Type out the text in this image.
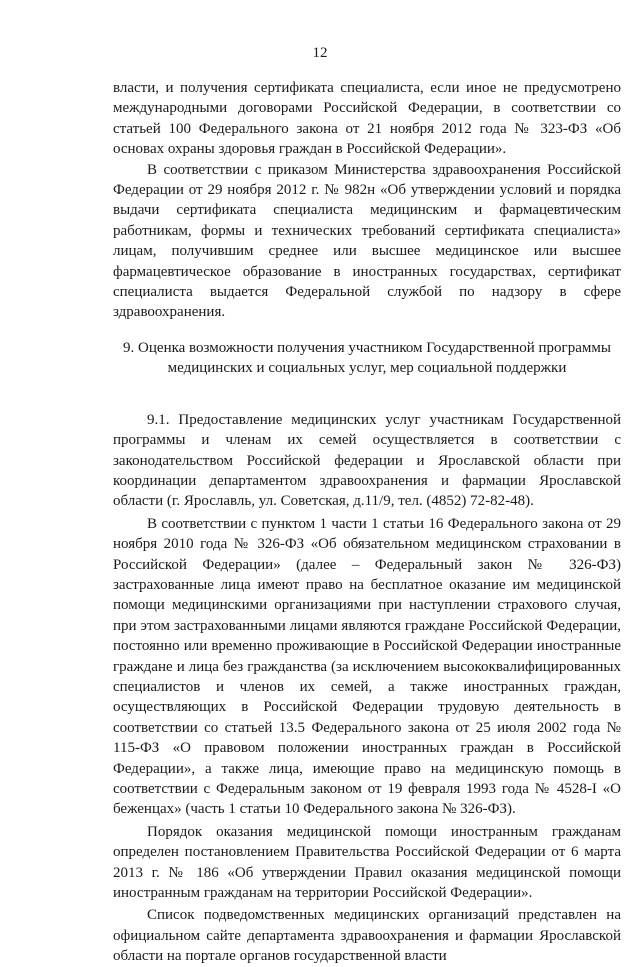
12

власти, и получения сертификата специалиста, если иное не предусмотрено международными договорами Российской Федерации, в соответствии со статьей 100 Федерального закона от 21 ноября 2012 года № 323-ФЗ «Об основах охраны здоровья граждан в Российской Федерации».

В соответствии с приказом Министерства здравоохранения Российской Федерации от 29 ноября 2012 г. № 982н «Об утверждении условий и порядка выдачи сертификата специалиста медицинским и фармацевтическим работникам, формы и технических требований сертификата специалиста» лицам, получившим среднее или высшее медицинское или высшее фармацевтическое образование в иностранных государствах, сертификат специалиста выдается Федеральной службой по надзору в сфере здравоохранения.

9. Оценка возможности получения участником Государственной программы медицинских и социальных услуг, мер социальной поддержки

9.1. Предоставление медицинских услуг участникам Государственной программы и членам их семей осуществляется в соответствии с законодательством Российской федерации и Ярославской области при координации департаментом здравоохранения и фармации Ярославской области (г. Ярославль, ул. Советская, д.11/9, тел. (4852) 72-82-48).

В соответствии с пунктом 1 части 1 статьи 16 Федерального закона от 29 ноября 2010 года № 326-ФЗ «Об обязательном медицинском страховании в Российской Федерации» (далее – Федеральный закон № 326-ФЗ) застрахованные лица имеют право на бесплатное оказание им медицинской помощи медицинскими организациями при наступлении страхового случая, при этом застрахованными лицами являются граждане Российской Федерации, постоянно или временно проживающие в Российской Федерации иностранные граждане и лица без гражданства (за исключением высококвалифицированных специалистов и членов их семей, а также иностранных граждан, осуществляющих в Российской Федерации трудовую деятельность в соответствии со статьей 13.5 Федерального закона от 25 июля 2002 года № 115-ФЗ «О правовом положении иностранных граждан в Российской Федерации», а также лица, имеющие право на медицинскую помощь в соответствии с Федеральным законом от 19 февраля 1993 года № 4528-I «О беженцах» (часть 1 статьи 10 Федерального закона № 326-ФЗ).

Порядок оказания медицинской помощи иностранным гражданам определен постановлением Правительства Российской Федерации от 6 марта 2013 г. № 186 «Об утверждении Правил оказания медицинской помощи иностранным гражданам на территории Российской Федерации».

Список подведомственных медицинских организаций представлен на официальном сайте департамента здравоохранения и фармации Ярославской области на портале органов государственной власти
